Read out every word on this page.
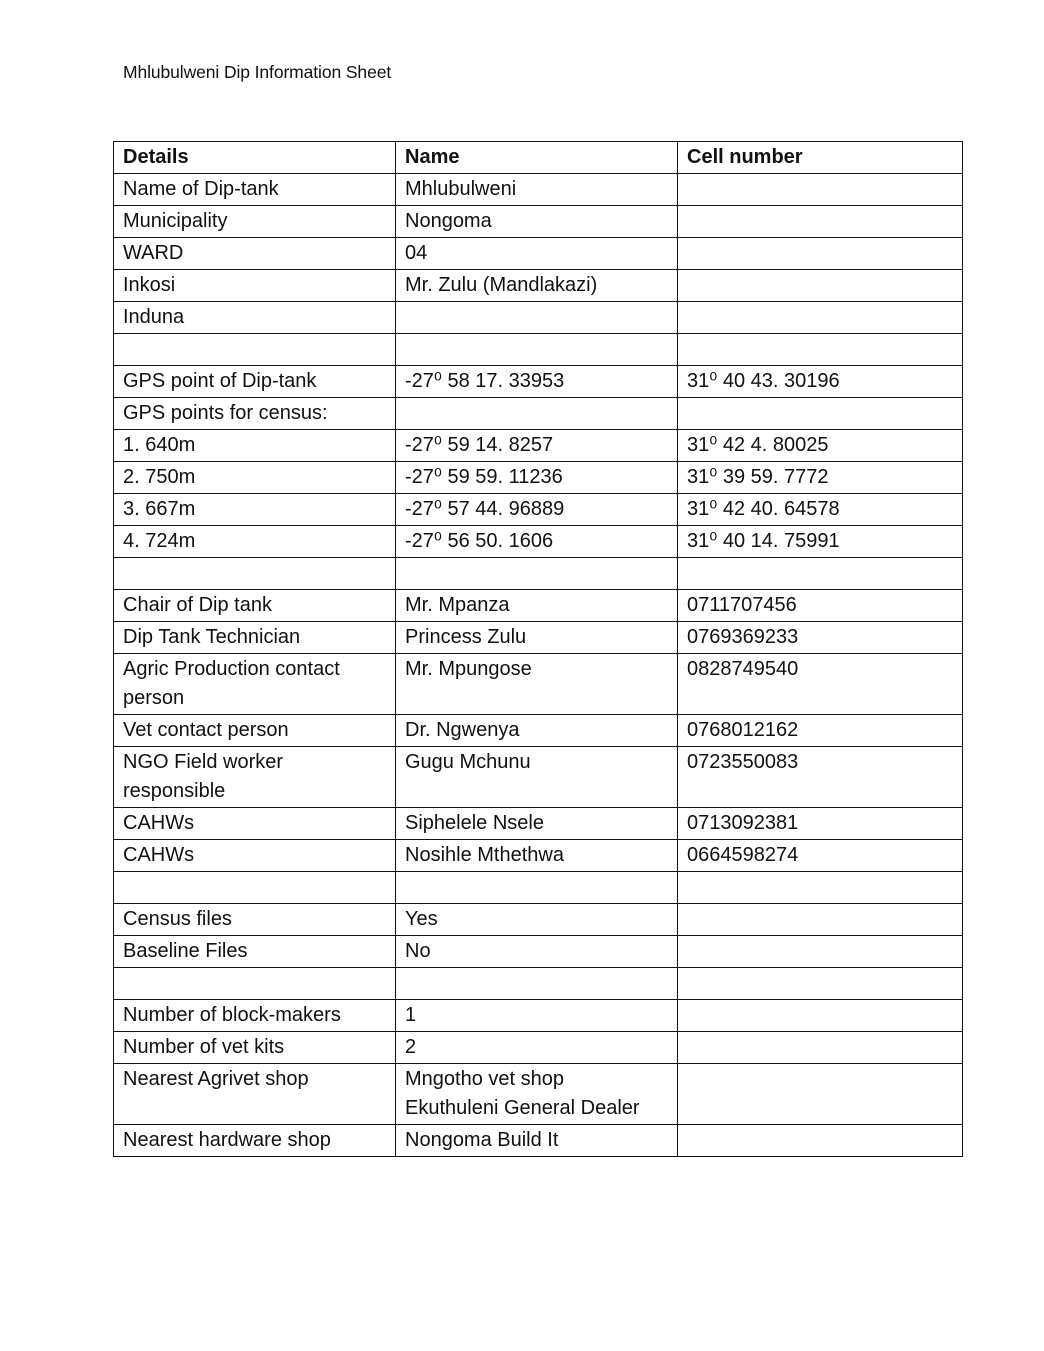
Mhlubulweni Dip Information Sheet
Details	Name	Cell number
Name of Dip-tank	Mhlubulweni	
Municipality	Nongoma	
WARD	04	
Inkosi	Mr. Zulu (Mandlakazi)	
Induna		

GPS point of Dip-tank	-27⁰ 58 17. 33953	31⁰ 40 43. 30196
GPS points for census:		
1. 640m	-27⁰ 59 14. 8257	31⁰ 42 4. 80025
2. 750m	-27⁰ 59 59. 11236	31⁰ 39 59. 7772
3. 667m	-27⁰ 57 44. 96889	31⁰ 42 40. 64578
4. 724m	-27⁰ 56 50. 1606	31⁰ 40 14. 75991

Chair of Dip tank	Mr. Mpanza	0711707456
Dip Tank Technician	Princess Zulu	0769369233
Agric Production contact person	Mr. Mpungose	0828749540
Vet contact person	Dr. Ngwenya	0768012162
NGO Field worker responsible	Gugu Mchunu	0723550083
CAHWs	Siphelele Nsele	0713092381
CAHWs	Nosihle Mthethwa	0664598274

Census files	Yes	
Baseline Files	No	

Number of block-makers	1	
Number of vet kits	2	
Nearest Agrivet shop	Mngotho vet shop
Ekuthuleni General Dealer	
Nearest hardware shop	Nongoma Build It	
